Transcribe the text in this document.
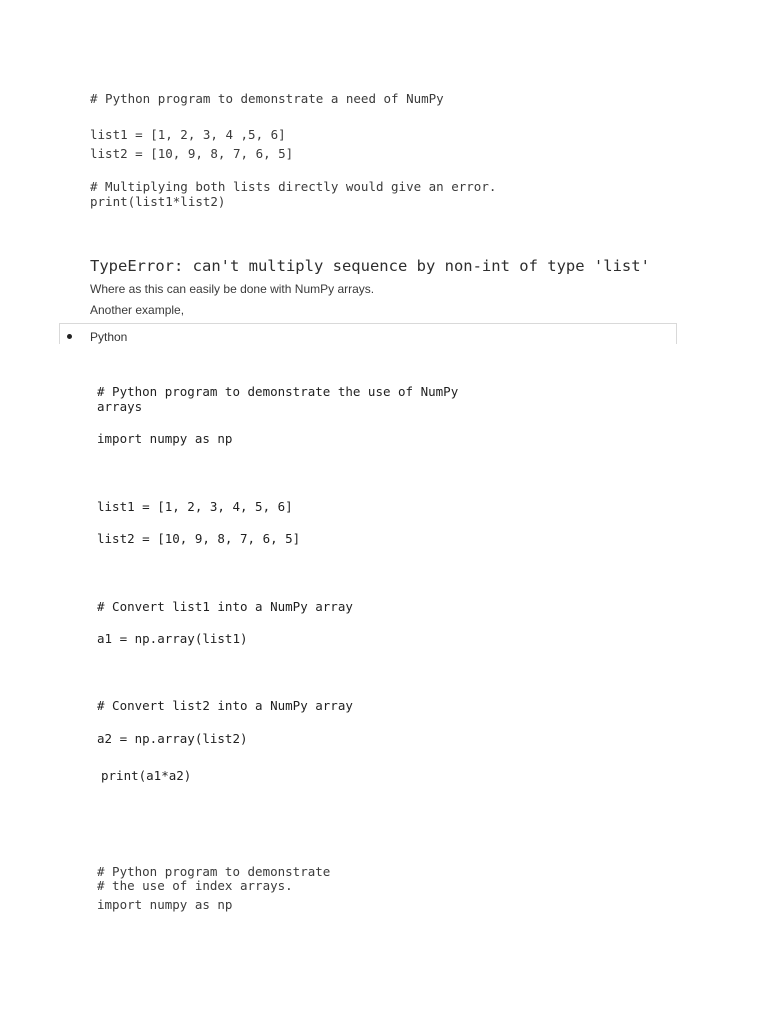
# Python program to demonstrate a need of NumPy
list1 = [1, 2, 3, 4 ,5, 6]
list2 = [10, 9, 8, 7, 6, 5]
# Multiplying both lists directly would give an error.
print(list1*list2)
TypeError: can't multiply sequence by non-int of type 'list'
Where as this can easily be done with NumPy arrays.
Another example,
Python
# Python program to demonstrate the use of NumPy
arrays
import numpy as np
list1 = [1, 2, 3, 4, 5, 6]
list2 = [10, 9, 8, 7, 6, 5]
# Convert list1 into a NumPy array
a1 = np.array(list1)
# Convert list2 into a NumPy array
a2 = np.array(list2)
print(a1*a2)
# Python program to demonstrate
# the use of index arrays.
import numpy as np
